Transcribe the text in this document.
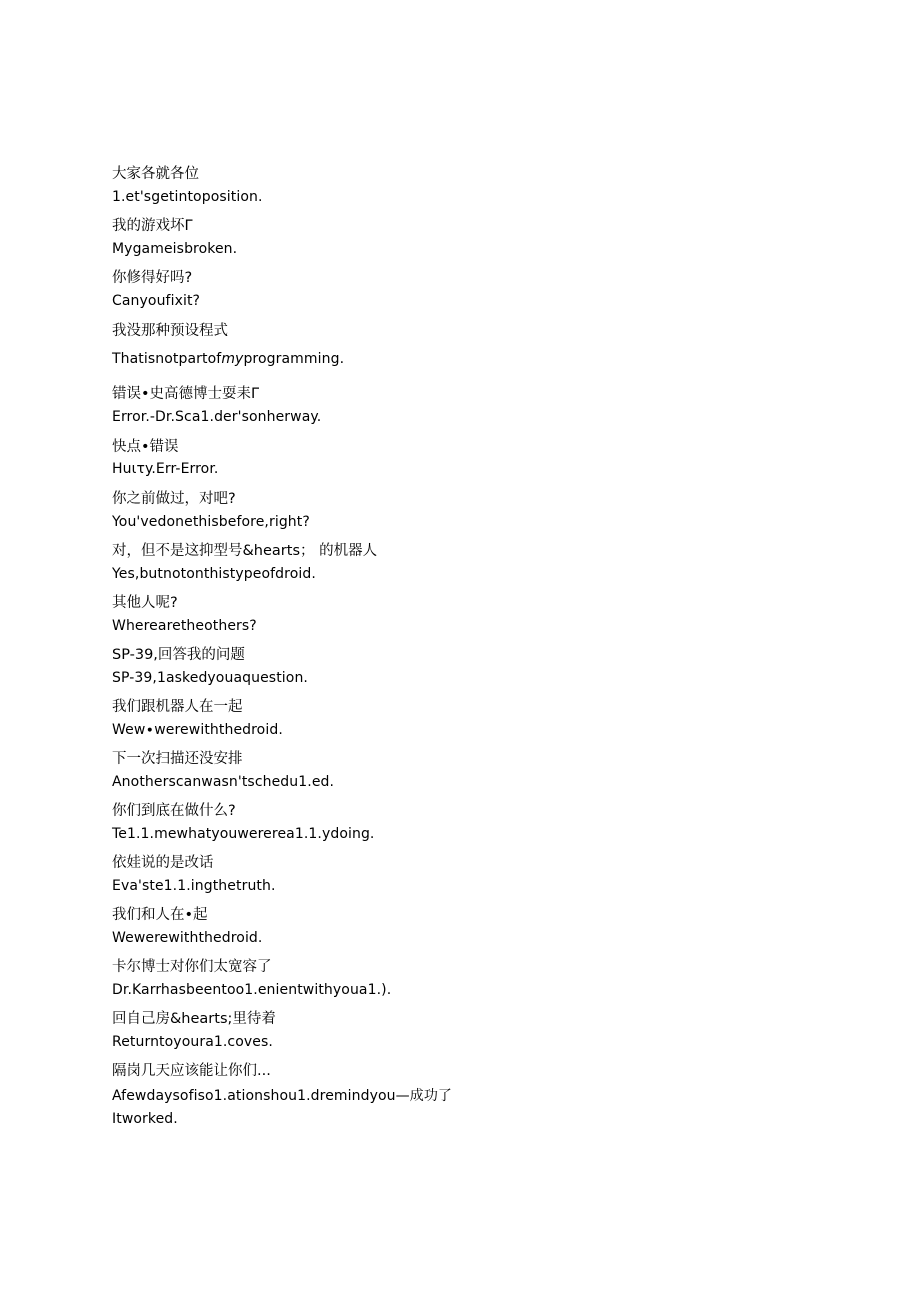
大家各就各位
1.et'sgetintoposition.
我的游戏坏Γ
Mygameisbroken.
你修得好吗?
Canyoufixit?
我没那种预设程式
Thatisnotpartofmyprogramming.
错误•史高德博士耍耒Γ
Error.-Dr.Sca1.der'sonherway.
快点•错误
Huιτy.Err-Error.
你之前做过，对吧?
You'vedonethisbefore,right?
对，但不是这抑型号&hearts； 的机器人
Yes,butnotonthistypeofdroid.
其他人呢?
Wherearetheothers?
SP-39,回答我的问题
SP-39,1askedyouaquestion.
我们跟机器人在一起
Wew∙werewiththedroid.
下一次扫描还没安排
Anotherscanwasn'tschedu1.ed.
你们到底在做什么?
Te1.1.mewhatyouwererea1.1.ydoing.
依娃说的是改话
Eva'ste1.1.ingthetruth.
我们和人在•起
Wewerewiththedroid.
卡尔博士对你们太宽容了
Dr.Karrhasbeentoo1.enientwithyoua1.).
回自己房&hearts;里待着
Returntoyoura1.coves.
隔岗几天应该能让你们...
Afewdaysofiso1.ationshou1.dremindyou—成功了
Itworked.
